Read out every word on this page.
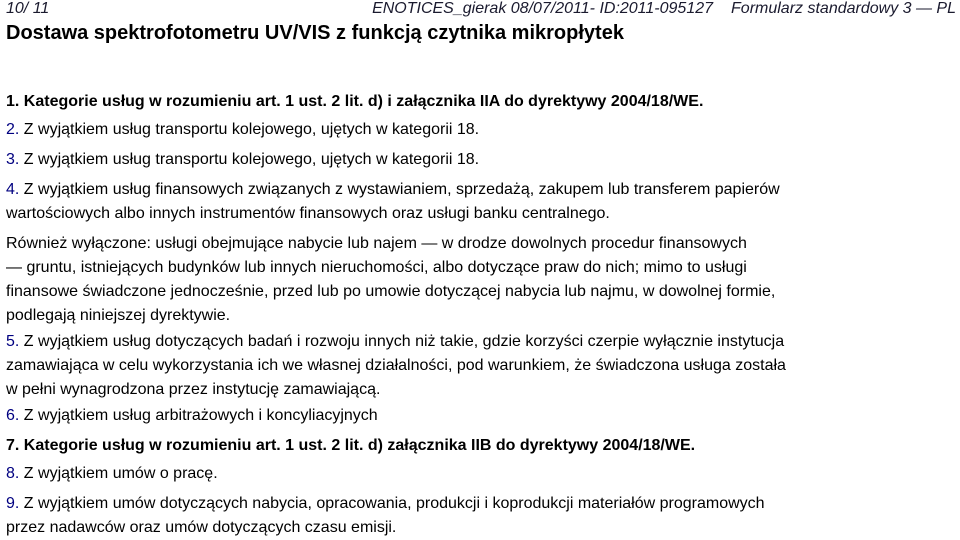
10/ 11	ENOTICES_gierak 08/07/2011- ID:2011-095127 Formularz standardowy 3 — PL
Dostawa spektrofotometru UV/VIS z funkcją czytnika mikropłytek
1. Kategorie usług w rozumieniu art. 1 ust. 2 lit. d) i załącznika IIA do dyrektywy 2004/18/WE.
2. Z wyjątkiem usług transportu kolejowego, ujętych w kategorii 18.
3. Z wyjątkiem usług transportu kolejowego, ujętych w kategorii 18.
4. Z wyjątkiem usług finansowych związanych z wystawianiem, sprzedażą, zakupem lub transferem papierów
wartościowych albo innych instrumentów finansowych oraz usługi banku centralnego.
Również wyłączone: usługi obejmujące nabycie lub najem — w drodze dowolnych procedur finansowych
— gruntu, istniejących budynków lub innych nieruchomości, albo dotyczące praw do nich; mimo to usługi
finansowe świadczone jednocześnie, przed lub po umowie dotyczącej nabycia lub najmu, w dowolnej formie,
podlegają niniejszej dyrektywie.
5. Z wyjątkiem usług dotyczących badań i rozwoju innych niż takie, gdzie korzyści czerpie wyłącznie instytucja
zamawiająca w celu wykorzystania ich we własnej działalności, pod warunkiem, że świadczona usługa została
w pełni wynagrodzona przez instytucję zamawiającą.
6. Z wyjątkiem usług arbitrażowych i koncyliacyjnych
7. Kategorie usług w rozumieniu art. 1 ust. 2 lit. d) załącznika IIB do dyrektywy 2004/18/WE.
8. Z wyjątkiem umów o pracę.
9. Z wyjątkiem umów dotyczących nabycia, opracowania, produkcji i koprodukcji materiałów programowych
przez nadawców oraz umów dotyczących czasu emisji.
